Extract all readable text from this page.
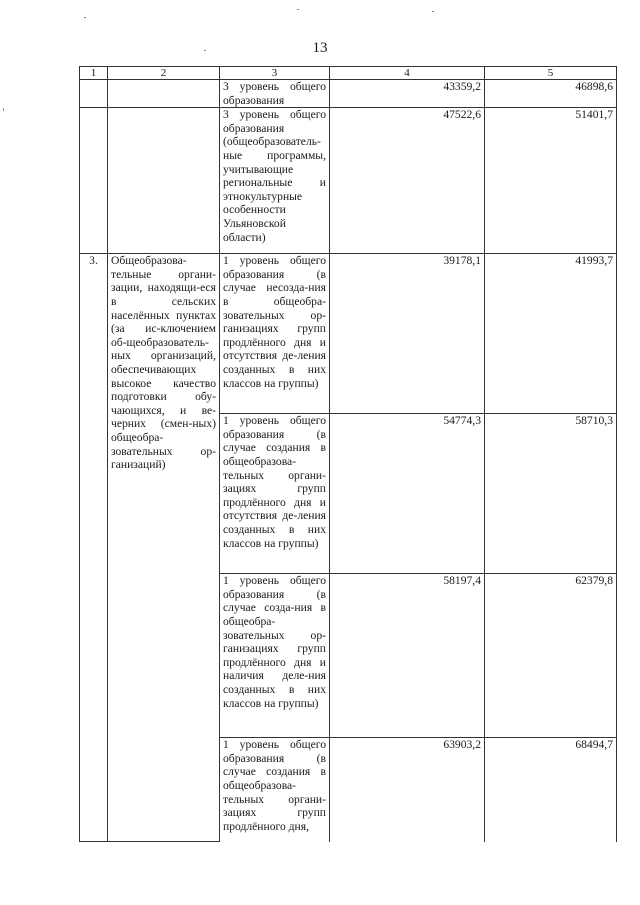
13
1	2	3	4	5
		3 уровень общего образования	43359,2	46898,6
		3 уровень общего образования (общеобразователь-ные программы, учитывающие региональные и этнокультурные особенности Ульяновской области)	47522,6	51401,7
3.	Общеобразова-тельные органи-зации, находящи-еся в сельских населённых пунктах (за ис-ключением об-щеобразователь-ных организаций, обеспечивающих высокое качество подготовки обу-чающихся, и ве-черних (смен-ных) общеобра-зовательных ор-ганизаций)	1 уровень общего образования (в случае несозда-ния в общеобра-зовательных ор-ганизациях групп продлённого дня и отсутствия де-ления созданных в них классов на группы)	39178,1	41993,7
		1 уровень общего образования (в случае создания в общеобразова-тельных органи-зациях групп продлённого дня и отсутствия де-ления созданных в них классов на группы)	54774,3	58710,3
		1 уровень общего образования (в случае созда-ния в общеобра-зовательных ор-ганизациях групп продлённого дня и наличия деле-ния созданных в них классов на группы)	58197,4	62379,8
		1 уровень общего образования (в случае создания в общеобразова-тельных органи-зациях групп продлённого дня,	63903,2	68494,7
